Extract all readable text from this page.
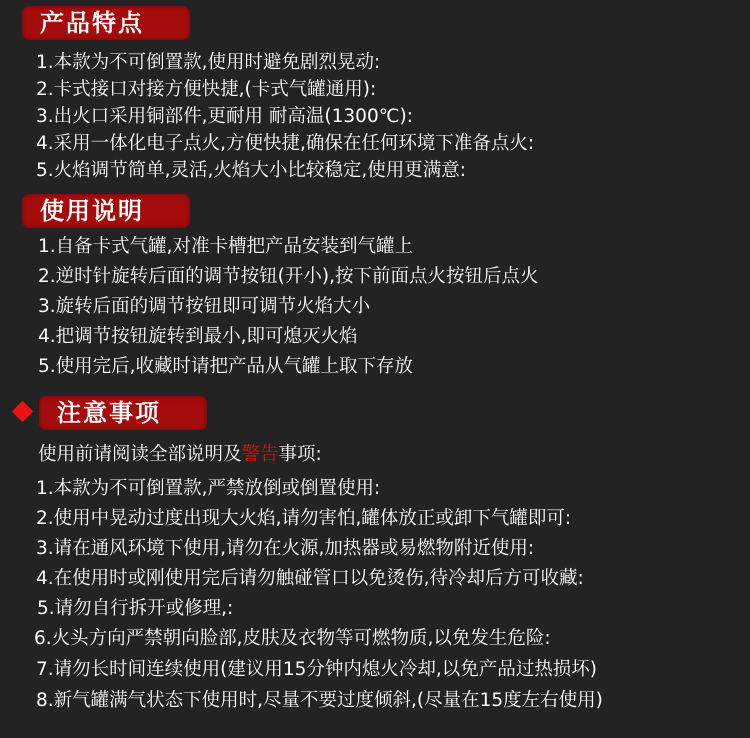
产品特点
1.本款为不可倒置款,使用时避免剧烈晃动:
2.卡式接口对接方便快捷,(卡式气罐通用):
3.出火口采用铜部件,更耐用 耐高温(1300℃):
4.采用一体化电子点火,方便快捷,确保在任何环境下准备点火:
5.火焰调节简单,灵活,火焰大小比较稳定,使用更满意:
使用说明
1.自备卡式气罐,对准卡槽把产品安装到气罐上
2.逆时针旋转后面的调节按钮(开小),按下前面点火按钮后点火
3.旋转后面的调节按钮即可调节火焰大小
4.把调节按钮旋转到最小,即可熄灭火焰
5.使用完后,收藏时请把产品从气罐上取下存放
注意事项
使用前请阅读全部说明及警告事项:
1.本款为不可倒置款,严禁放倒或倒置使用:
2.使用中晃动过度出现大火焰,请勿害怕,罐体放正或卸下气罐即可:
3.请在通风环境下使用,请勿在火源,加热器或易燃物附近使用:
4.在使用时或刚使用完后请勿触碰管口以免烫伤,待冷却后方可收藏:
5.请勿自行拆开或修理,:
6.火头方向严禁朝向脸部,皮肤及衣物等可燃物质,以免发生危险:
7.请勿长时间连续使用(建议用15分钟内熄火冷却,以免产品过热损坏)
8.新气罐满气状态下使用时,尽量不要过度倾斜,(尽量在15度左右使用)
